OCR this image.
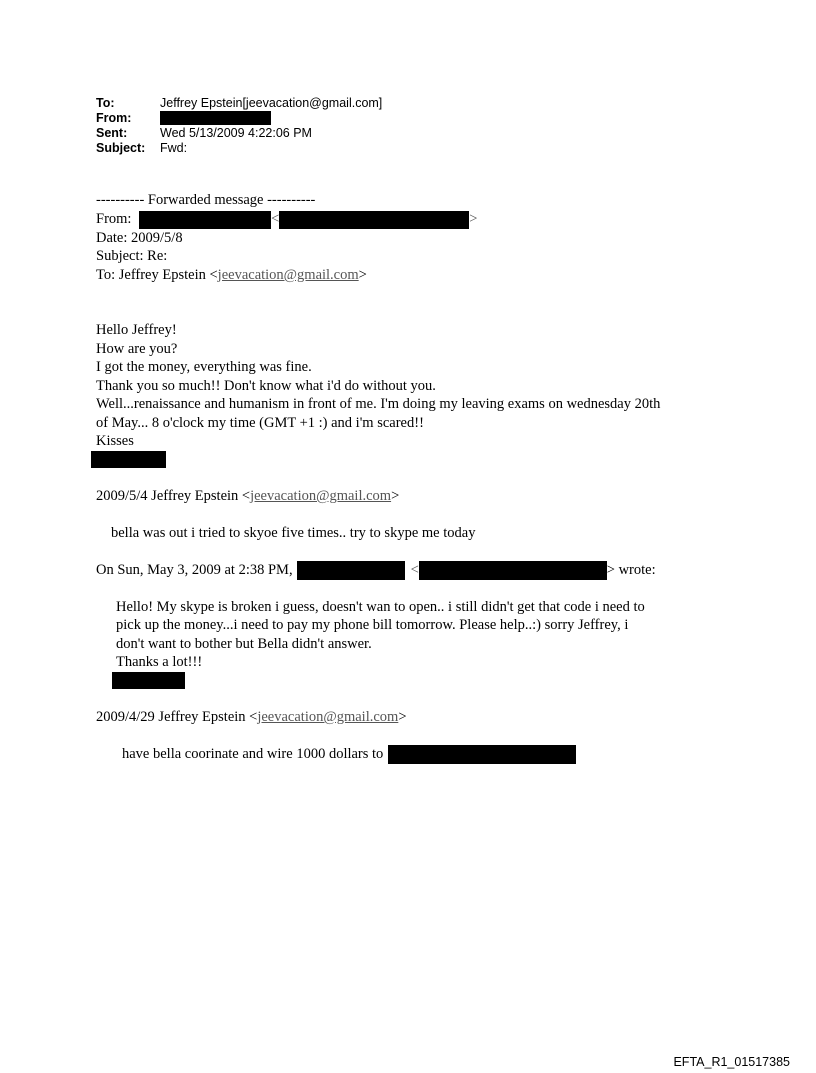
To:	Jeffrey Epstein[jeevacation@gmail.com]
From:
Sent:	Wed 5/13/2009 4:22:06 PM
Subject:	Fwd:
---------- Forwarded message ----------
From:	<	>
Date: 2009/5/8
Subject: Re:
To: Jeffrey Epstein <jeevacation@gmail.com>
Hello Jeffrey!
How are you?
I got the money, everything was fine.
Thank you so much!! Don't know what i'd do without you.
Well...renaissance and humanism in front of me. I'm doing my leaving exams on wednesday 20th
of May... 8 o'clock my time (GMT +1 :) and i'm scared!!
Kisses
2009/5/4 Jeffrey Epstein <jeevacation@gmail.com>
bella was out i tried to skyoe five times.. try to skype me today
On Sun, May 3, 2009 at 2:38 PM,	<	> wrote:
Hello! My skype is broken i guess, doesn't wan to open.. i still didn't get that code i need to
pick up the money...i need to pay my phone bill tomorrow. Please help..:) sorry Jeffrey, i
don't want to bother but Bella didn't answer.
Thanks a lot!!!
2009/4/29 Jeffrey Epstein <jeevacation@gmail.com>
have bella coorinate and wire 1000 dollars to
EFTA_R1_01517385
